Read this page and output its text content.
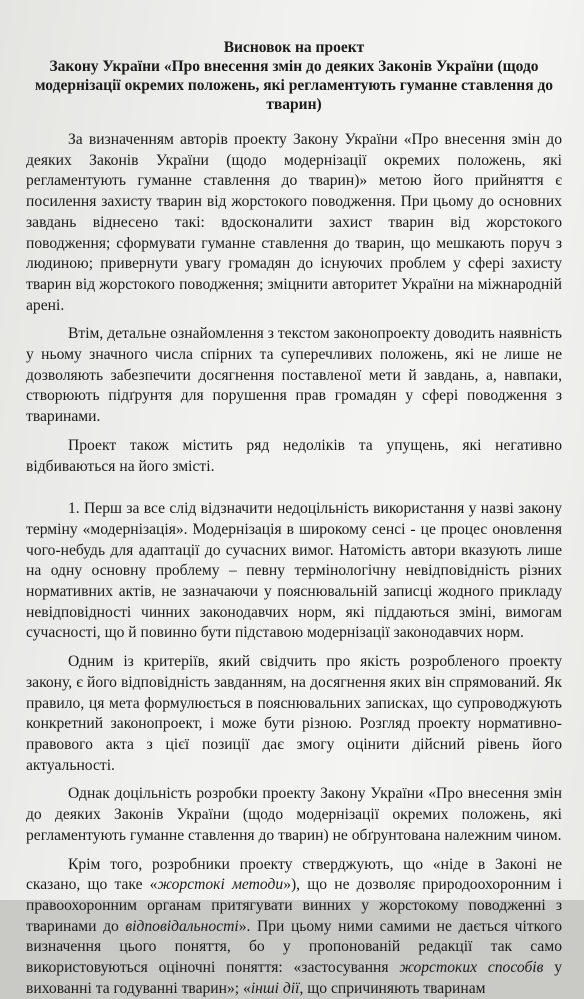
Висновок на проект
Закону України «Про внесення змін до деяких Законів України (щодо
модернізації окремих положень, які регламентують гуманне ставлення до
тварин)

За визначенням авторів проекту Закону України «Про внесення змін до деяких Законів України (щодо модернізації окремих положень, які регламентують гуманне ставлення до тварин)» метою його прийняття є посилення захисту тварин від жорстокого поводження. При цьому до основних завдань віднесено такі: вдосконалити захист тварин від жорстокого поводження; сформувати гуманне ставлення до тварин, що мешкають поруч з людиною; привернути увагу громадян до існуючих проблем у сфері захисту тварин від жорстокого поводження; зміцнити авторитет України на міжнародній арені.

Втім, детальне ознайомлення з текстом законопроекту доводить наявність у ньому значного числа спірних та суперечливих положень, які не лише не дозволяють забезпечити досягнення поставленої мети й завдань, а, навпаки, створюють підґрунтя для порушення прав громадян у сфері поводження з тваринами.

Проект також містить ряд недоліків та упущень, які негативно відбиваються на його змісті.

1. Перш за все слід відзначити недоцільність використання у назві закону терміну «модернізація». Модернізація в широкому сенсі - це процес оновлення чого-небудь для адаптації до сучасних вимог. Натомість автори вказують лише на одну основну проблему – певну термінологічну невідповідність різних нормативних актів, не зазначаючи у пояснювальній записці жодного прикладу невідповідності чинних законодавчих норм, які піддаються зміні, вимогам сучасності, що й повинно бути підставою модернізації законодавчих норм.

Одним із критеріїв, який свідчить про якість розробленого проекту закону, є його відповідність завданням, на досягнення яких він спрямований. Як правило, ця мета формулюється в пояснювальних записках, що супроводжують конкретний законопроект, і може бути різною. Розгляд проекту нормативно-правового акта з цієї позиції дає змогу оцінити дійсний рівень його актуальності.

Однак доцільність розробки проекту Закону України «Про внесення змін до деяких Законів України (щодо модернізації окремих положень, які регламентують гуманне ставлення до тварин) не обґрунтована належним чином.

Крім того, розробники проекту стверджують, що «ніде в Законі не сказано, що таке «жорстокі методи»), що не дозволяє природоохоронним і правоохоронним органам притягувати винних у жорстокому поводженні з тваринами до відповідальності». При цьому ними самими не дається чіткого визначення цього поняття, бо у пропонованій редакції так само використовуються оціночні поняття: «застосування жорстоких способів у вихованні та годуванні тварин»; «інші дії, що спричиняють тваринам
